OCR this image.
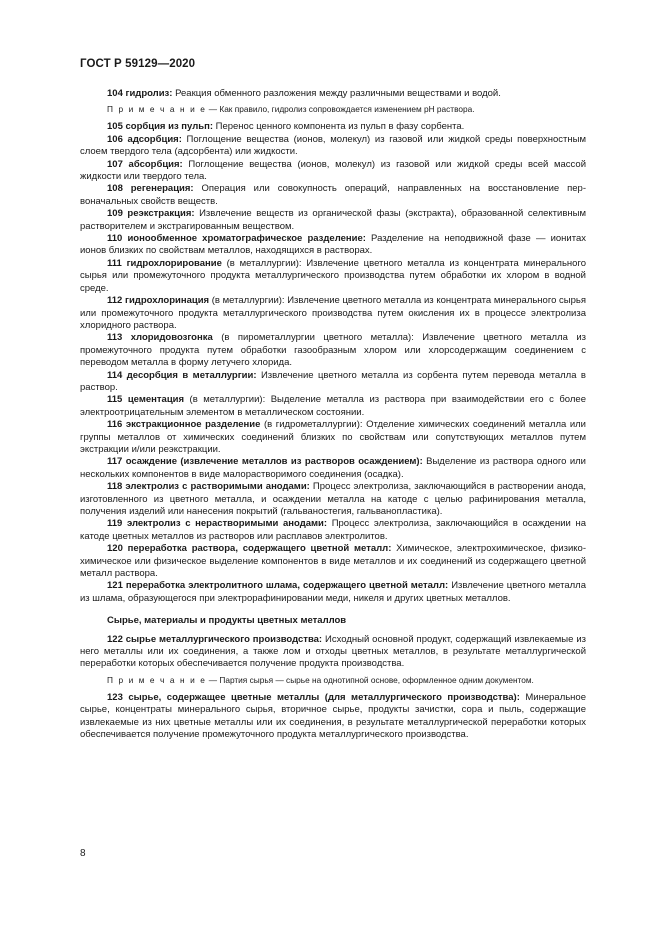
ГОСТ Р 59129—2020

104 гидролиз: Реакция обменного разложения между различными веществами и водой.

П р и м е ч а н и е — Как правило, гидролиз сопровождается изменением рН раствора.

105 сорбция из пульп: Перенос ценного компонента из пульп в фазу сорбента.

106 адсорбция: Поглощение вещества (ионов, молекул) из газовой или жидкой среды поверхностным слоем твердого тела (адсорбента) или жидкости.

107 абсорбция: Поглощение вещества (ионов, молекул) из газовой или жидкой среды всей массой жидкости или твердого тела.

108 регенерация: Операция или совокупность операций, направленных на восстановление первоначальных свойств веществ.

109 реэкстракция: Извлечение веществ из органической фазы (экстракта), образованной селективным растворителем и экстрагированным веществом.

110 ионообменное хроматографическое разделение: Разделение на неподвижной фазе — ионитах ионов близких по свойствам металлов, находящихся в растворах.

111 гидрохлорирование (в металлургии): Извлечение цветного металла из концентрата минерального сырья или промежуточного продукта металлургического производства путем обработки их хлором в водной среде.

112 гидрохлоринация (в металлургии): Извлечение цветного металла из концентрата минерального сырья или промежуточного продукта металлургического производства путем окисления их в процессе электролиза хлоридного раствора.

113 хлоридовозгонка (в пирометаллургии цветного металла): Извлечение цветного металла из промежуточного продукта путем обработки газообразным хлором или хлорсодержащим соединением с переводом металла в форму летучего хлорида.

114 десорбция в металлургии: Извлечение цветного металла из сорбента путем перевода металла в раствор.

115 цементация (в металлургии): Выделение металла из раствора при взаимодействии его с более электроотрицательным элементом в металлическом состоянии.

116 экстракционное разделение (в гидрометаллургии): Отделение химических соединений металла или группы металлов от химических соединений близких по свойствам или сопутствующих металлов путем экстракции и/или реэкстракции.

117 осаждение (извлечение металлов из растворов осаждением): Выделение из раствора одного или нескольких компонентов в виде малорастворимого соединения (осадка).

118 электролиз с растворимыми анодами: Процесс электролиза, заключающийся в растворении анода, изготовленного из цветного металла, и осаждении металла на катоде с целью рафинирования металла, получения изделий или нанесения покрытий (гальваностегия, гальванопластика).

119 электролиз с нерастворимыми анодами: Процесс электролиза, заключающийся в осаждении на катоде цветных металлов из растворов или расплавов электролитов.

120 переработка раствора, содержащего цветной металл: Химическое, электрохимическое, физико-химическое или физическое выделение компонентов в виде металлов и их соединений из содержащего цветной металл раствора.

121 переработка электролитного шлама, содержащего цветной металл: Извлечение цветного металла из шлама, образующегося при электрорафинировании меди, никеля и других цветных металлов.

Сырье, материалы и продукты цветных металлов

122 сырье металлургического производства: Исходный основной продукт, содержащий извлекаемые из него металлы или их соединения, а также лом и отходы цветных металлов, в результате металлургической переработки которых обеспечивается получение продукта производства.

П р и м е ч а н и е — Партия сырья — сырье на однотипной основе, оформленное одним документом.

123 сырье, содержащее цветные металлы (для металлургического производства): Минеральное сырье, концентраты минерального сырья, вторичное сырье, продукты зачистки, сора и пыль, содержащие извлекаемые из них цветные металлы или их соединения, в результате металлургической переработки которых обеспечивается получение промежуточного продукта металлургического производства.

8
